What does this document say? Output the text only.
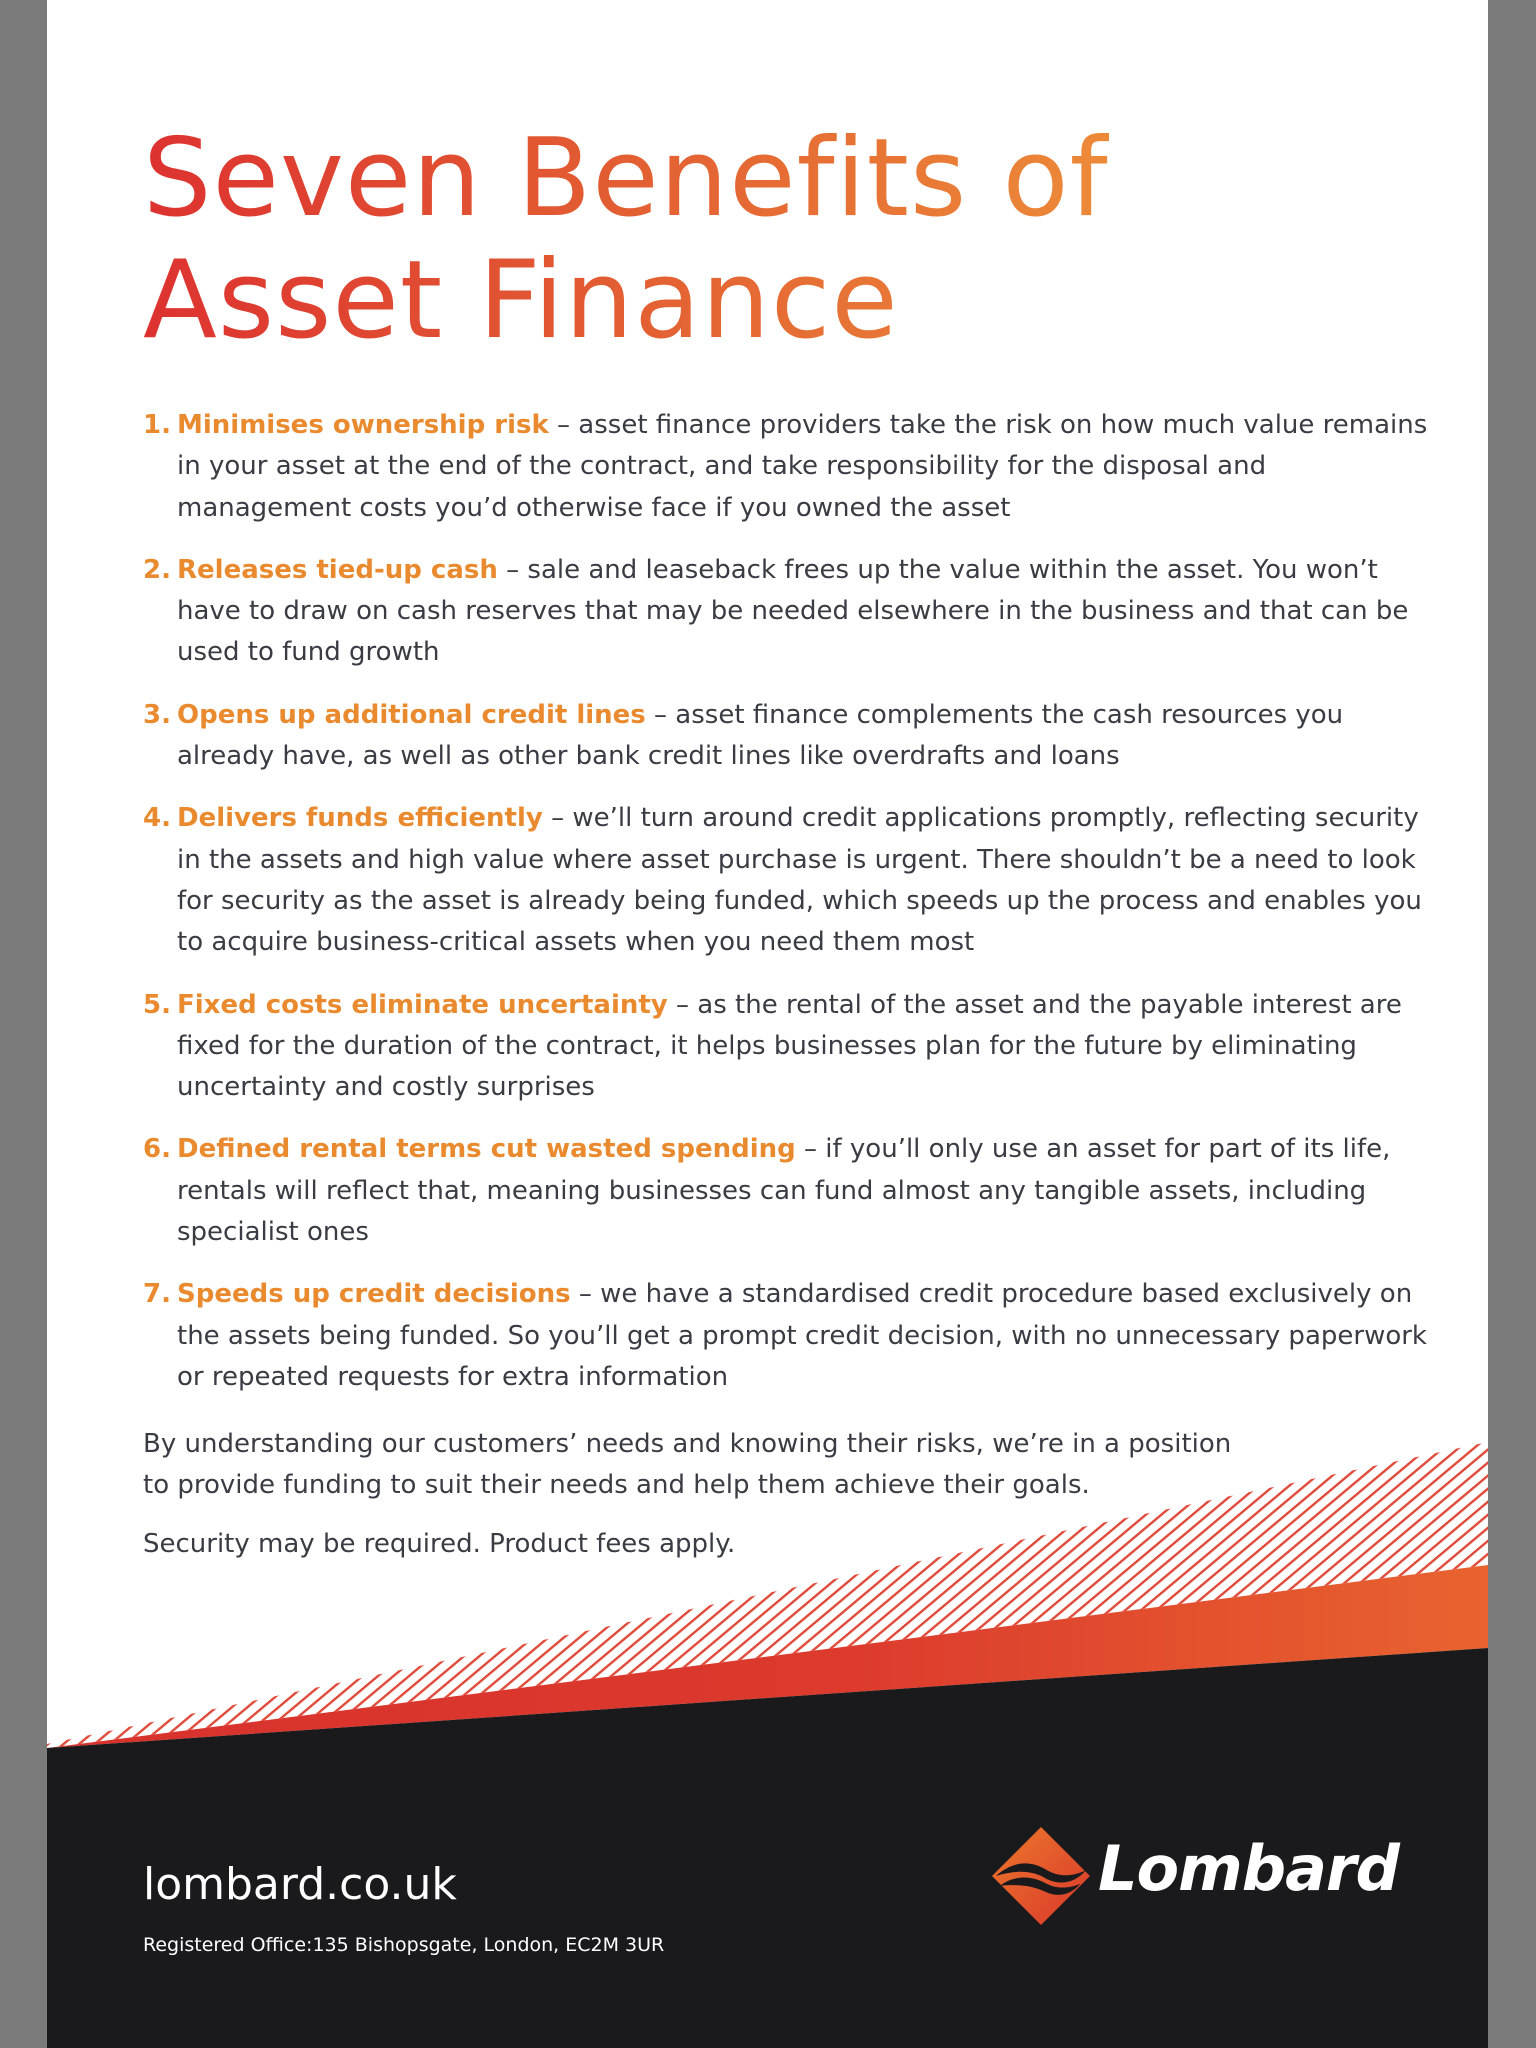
Seven Benefits of
Asset Finance
1. Minimises ownership risk – asset finance providers take the risk on how much value remains in your asset at the end of the contract, and take responsibility for the disposal and management costs you’d otherwise face if you owned the asset
2. Releases tied-up cash – sale and leaseback frees up the value within the asset. You won’t have to draw on cash reserves that may be needed elsewhere in the business and that can be used to fund growth
3. Opens up additional credit lines – asset finance complements the cash resources you already have, as well as other bank credit lines like overdrafts and loans
4. Delivers funds efficiently – we’ll turn around credit applications promptly, reflecting security in the assets and high value where asset purchase is urgent. There shouldn’t be a need to look for security as the asset is already being funded, which speeds up the process and enables you to acquire business-critical assets when you need them most
5. Fixed costs eliminate uncertainty – as the rental of the asset and the payable interest are fixed for the duration of the contract, it helps businesses plan for the future by eliminating uncertainty and costly surprises
6. Defined rental terms cut wasted spending – if you’ll only use an asset for part of its life, rentals will reflect that, meaning businesses can fund almost any tangible assets, including specialist ones
7. Speeds up credit decisions – we have a standardised credit procedure based exclusively on the assets being funded. So you’ll get a prompt credit decision, with no unnecessary paperwork or repeated requests for extra information

By understanding our customers’ needs and knowing their risks, we’re in a position
to provide funding to suit their needs and help them achieve their goals.

Security may be required. Product fees apply.

lombard.co.uk

Registered Office:135 Bishopsgate, London, EC2M 3UR

Lombard
